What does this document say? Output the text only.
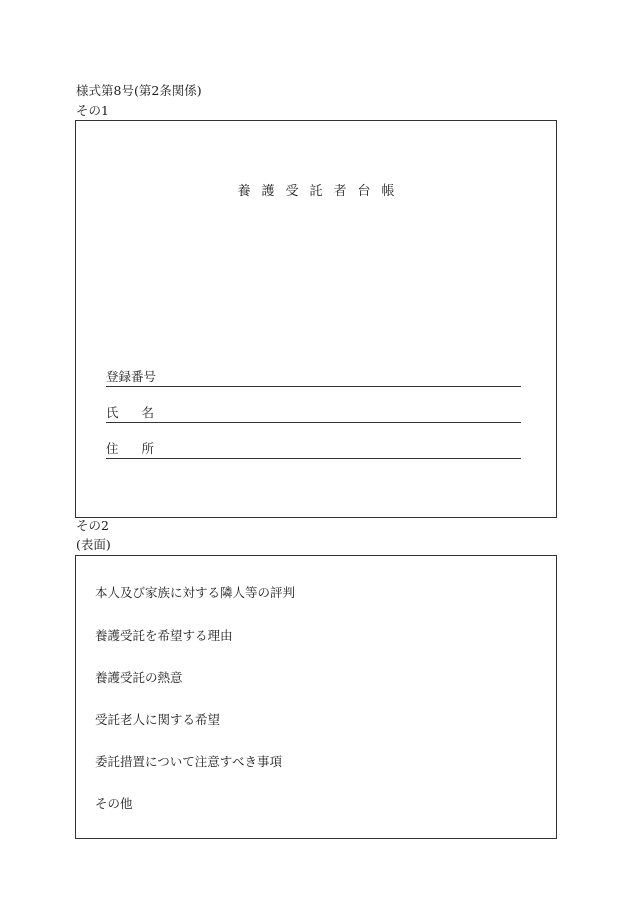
様式第8号(第2条関係)
その1
養護受託者台帳
登録番号
氏名
住所
その2
(表面)
本人及び家族に対する隣人等の評判
養護受託を希望する理由
養護受託の熱意
受託老人に関する希望
委託措置について注意すべき事項
その他
